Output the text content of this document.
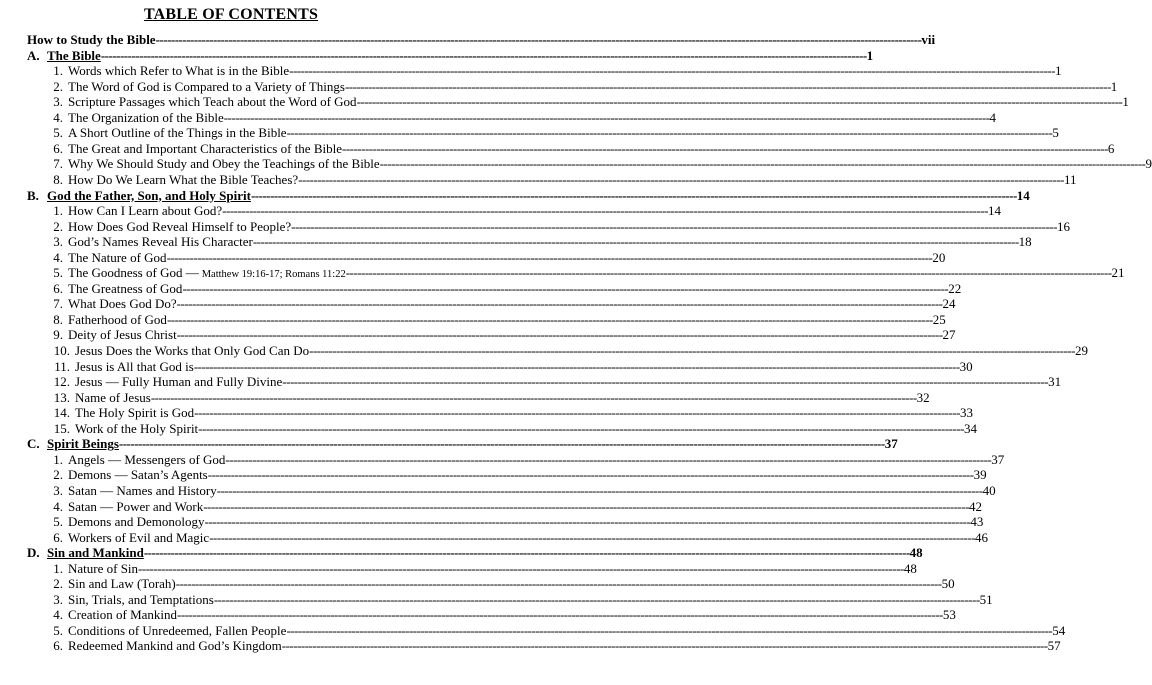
TABLE OF CONTENTS
How to Study the Bible -------------------------------------------------------------------------------------------------------------------------------------------------------------------------------------------------------- vii
A. The Bible -------------------------------------------------------------------------------------------------------------------------------------------------------------------------------------------------------- 1
1. Words which Refer to What is in the Bible -------------------------------------------------------------------------------------------------------------------------------------------------------------------------------------------------------- 1
2. The Word of God is Compared to a Variety of Things -------------------------------------------------------------------------------------------------------------------------------------------------------------------------------------------------------- 1
3. Scripture Passages which Teach about the Word of God -------------------------------------------------------------------------------------------------------------------------------------------------------------------------------------------------------- 1
4. The Organization of the Bible -------------------------------------------------------------------------------------------------------------------------------------------------------------------------------------------------------- 4
5. A Short Outline of the Things in the Bible -------------------------------------------------------------------------------------------------------------------------------------------------------------------------------------------------------- 5
6. The Great and Important Characteristics of the Bible -------------------------------------------------------------------------------------------------------------------------------------------------------------------------------------------------------- 6
7. Why We Should Study and Obey the Teachings of the Bible -------------------------------------------------------------------------------------------------------------------------------------------------------------------------------------------------------- 9
8. How Do We Learn What the Bible Teaches? -------------------------------------------------------------------------------------------------------------------------------------------------------------------------------------------------------- 11
B. God the Father, Son, and Holy Spirit -------------------------------------------------------------------------------------------------------------------------------------------------------------------------------------------------------- 14
1. How Can I Learn about God? -------------------------------------------------------------------------------------------------------------------------------------------------------------------------------------------------------- 14
2. How Does God Reveal Himself to People? -------------------------------------------------------------------------------------------------------------------------------------------------------------------------------------------------------- 16
3. God’s Names Reveal His Character -------------------------------------------------------------------------------------------------------------------------------------------------------------------------------------------------------- 18
4. The Nature of God -------------------------------------------------------------------------------------------------------------------------------------------------------------------------------------------------------- 20
5. The Goodness of God — Matthew 19:16-17; Romans 11:22 -------------------------------------------------------------------------------------------------------------------------------------------------------------------------------------------------------- 21
6. The Greatness of God -------------------------------------------------------------------------------------------------------------------------------------------------------------------------------------------------------- 22
7. What Does God Do? -------------------------------------------------------------------------------------------------------------------------------------------------------------------------------------------------------- 24
8. Fatherhood of God -------------------------------------------------------------------------------------------------------------------------------------------------------------------------------------------------------- 25
9. Deity of Jesus Christ -------------------------------------------------------------------------------------------------------------------------------------------------------------------------------------------------------- 27
10. Jesus Does the Works that Only God Can Do -------------------------------------------------------------------------------------------------------------------------------------------------------------------------------------------------------- 29
11. Jesus is All that God is -------------------------------------------------------------------------------------------------------------------------------------------------------------------------------------------------------- 30
12. Jesus — Fully Human and Fully Divine -------------------------------------------------------------------------------------------------------------------------------------------------------------------------------------------------------- 31
13. Name of Jesus -------------------------------------------------------------------------------------------------------------------------------------------------------------------------------------------------------- 32
14. The Holy Spirit is God -------------------------------------------------------------------------------------------------------------------------------------------------------------------------------------------------------- 33
15. Work of the Holy Spirit -------------------------------------------------------------------------------------------------------------------------------------------------------------------------------------------------------- 34
C. Spirit Beings -------------------------------------------------------------------------------------------------------------------------------------------------------------------------------------------------------- 37
1. Angels — Messengers of God -------------------------------------------------------------------------------------------------------------------------------------------------------------------------------------------------------- 37
2. Demons — Satan’s Agents -------------------------------------------------------------------------------------------------------------------------------------------------------------------------------------------------------- 39
3. Satan — Names and History -------------------------------------------------------------------------------------------------------------------------------------------------------------------------------------------------------- 40
4. Satan — Power and Work -------------------------------------------------------------------------------------------------------------------------------------------------------------------------------------------------------- 42
5. Demons and Demonology -------------------------------------------------------------------------------------------------------------------------------------------------------------------------------------------------------- 43
6. Workers of Evil and Magic -------------------------------------------------------------------------------------------------------------------------------------------------------------------------------------------------------- 46
D. Sin and Mankind -------------------------------------------------------------------------------------------------------------------------------------------------------------------------------------------------------- 48
1. Nature of Sin -------------------------------------------------------------------------------------------------------------------------------------------------------------------------------------------------------- 48
2. Sin and Law (Torah) -------------------------------------------------------------------------------------------------------------------------------------------------------------------------------------------------------- 50
3. Sin, Trials, and Temptations -------------------------------------------------------------------------------------------------------------------------------------------------------------------------------------------------------- 51
4. Creation of Mankind -------------------------------------------------------------------------------------------------------------------------------------------------------------------------------------------------------- 53
5. Conditions of Unredeemed, Fallen People -------------------------------------------------------------------------------------------------------------------------------------------------------------------------------------------------------- 54
6. Redeemed Mankind and God’s Kingdom -------------------------------------------------------------------------------------------------------------------------------------------------------------------------------------------------------- 57
